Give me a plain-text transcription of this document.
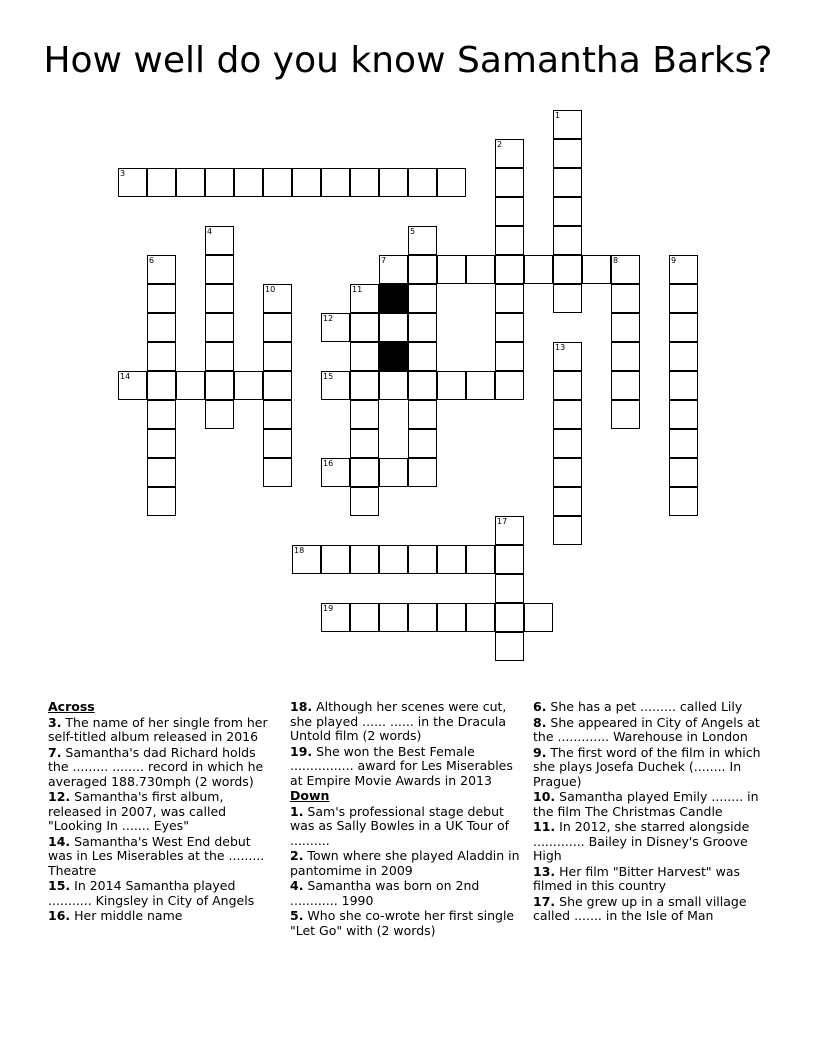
How well do you know Samantha Barks?
1
2
3
4	5
6	7	8	9
10	11
12
13
14	15
16
17
18
19
Across
3. The name of her single from her self-titled album released in 2016
7. Samantha's dad Richard holds the ......... ........ record in which he averaged 188.730mph (2 words)
12. Samantha's first album, released in 2007, was called "Looking In ....... Eyes"
14. Samantha's West End debut was in Les Miserables at the ......... Theatre
15. In 2014 Samantha played ........... Kingsley in City of Angels
16. Her middle name
18. Although her scenes were cut, she played ...... ...... in the Dracula Untold film (2 words)
19. She won the Best Female ................ award for Les Miserables at Empire Movie Awards in 2013
Down
1. Sam's professional stage debut was as Sally Bowles in a UK Tour of ..........
2. Town where she played Aladdin in pantomime in 2009
4. Samantha was born on 2nd ............ 1990
5. Who she co-wrote her first single "Let Go" with (2 words)
6. She has a pet ......... called Lily
8. She appeared in City of Angels at the ............. Warehouse in London
9. The first word of the film in which she plays Josefa Duchek (........ In Prague)
10. Samantha played Emily ........ in the film The Christmas Candle
11. In 2012, she starred alongside ............. Bailey in Disney's Groove High
13. Her film "Bitter Harvest" was filmed in this country
17. She grew up in a small village called ....... in the Isle of Man
